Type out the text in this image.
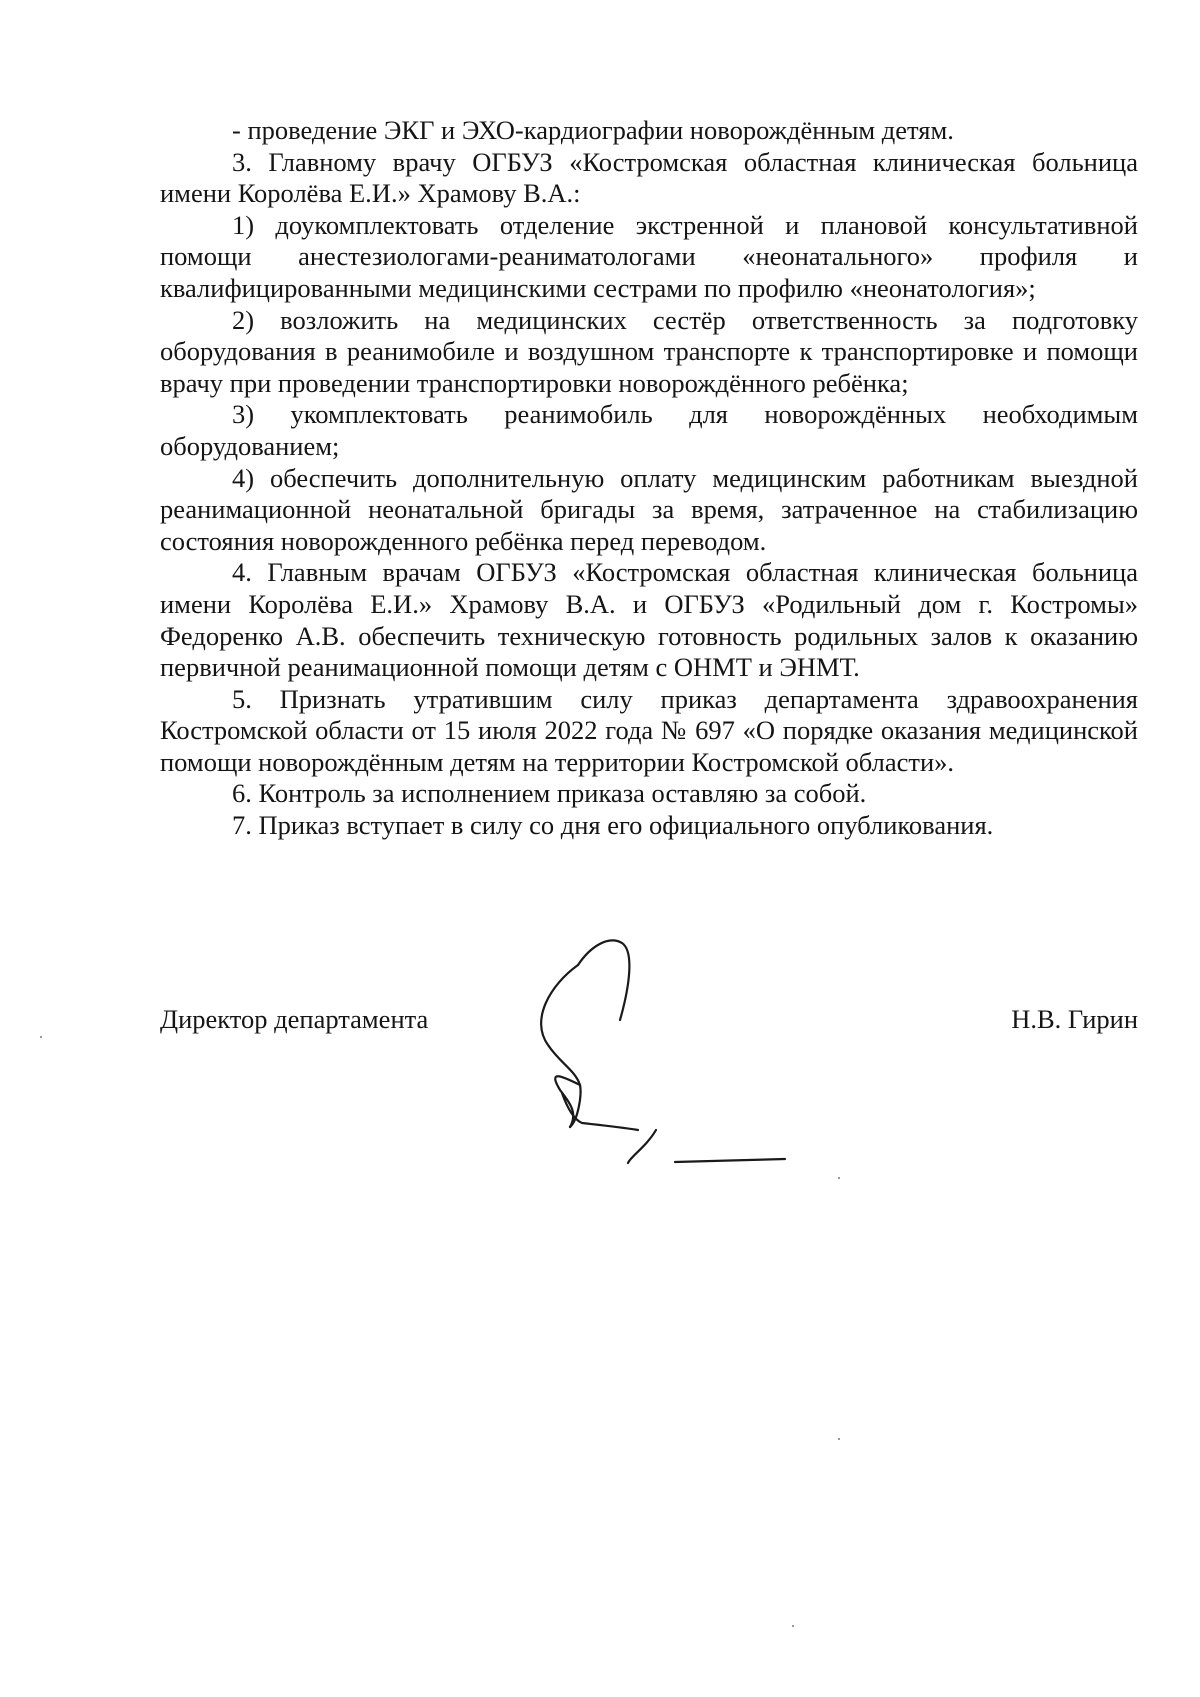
- проведение ЭКГ и ЭХО-кардиографии новорождённым детям.

3. Главному врачу ОГБУЗ «Костромская областная клиническая больница имени Королёва Е.И.» Храмову В.А.:

1) доукомплектовать отделение экстренной и плановой консультативной помощи анестезиологами-реаниматологами «неонатального» профиля и квалифицированными медицинскими сестрами по профилю «неонатология»;

2) возложить на медицинских сестёр ответственность за подготовку оборудования в реанимобиле и воздушном транспорте к транспортировке и помощи врачу при проведении транспортировки новорождённого ребёнка;

3) укомплектовать реанимобиль для новорождённых необходимым оборудованием;

4) обеспечить дополнительную оплату медицинским работникам выездной реанимационной неонатальной бригады за время, затраченное на стабилизацию состояния новорожденного ребёнка перед переводом.

4. Главным врачам ОГБУЗ «Костромская областная клиническая больница имени Королёва Е.И.» Храмову В.А. и ОГБУЗ «Родильный дом г. Костромы» Федоренко А.В. обеспечить техническую готовность родильных залов к оказанию первичной реанимационной помощи детям с ОНМТ и ЭНМТ.

5. Признать утратившим силу приказ департамента здравоохранения Костромской области от 15 июля 2022 года № 697 «О порядке оказания медицинской помощи новорождённым детям на территории Костромской области».

6. Контроль за исполнением приказа оставляю за собой.

7. Приказ вступает в силу со дня его официального опубликования.

Директор департамента	Н.В. Гирин
